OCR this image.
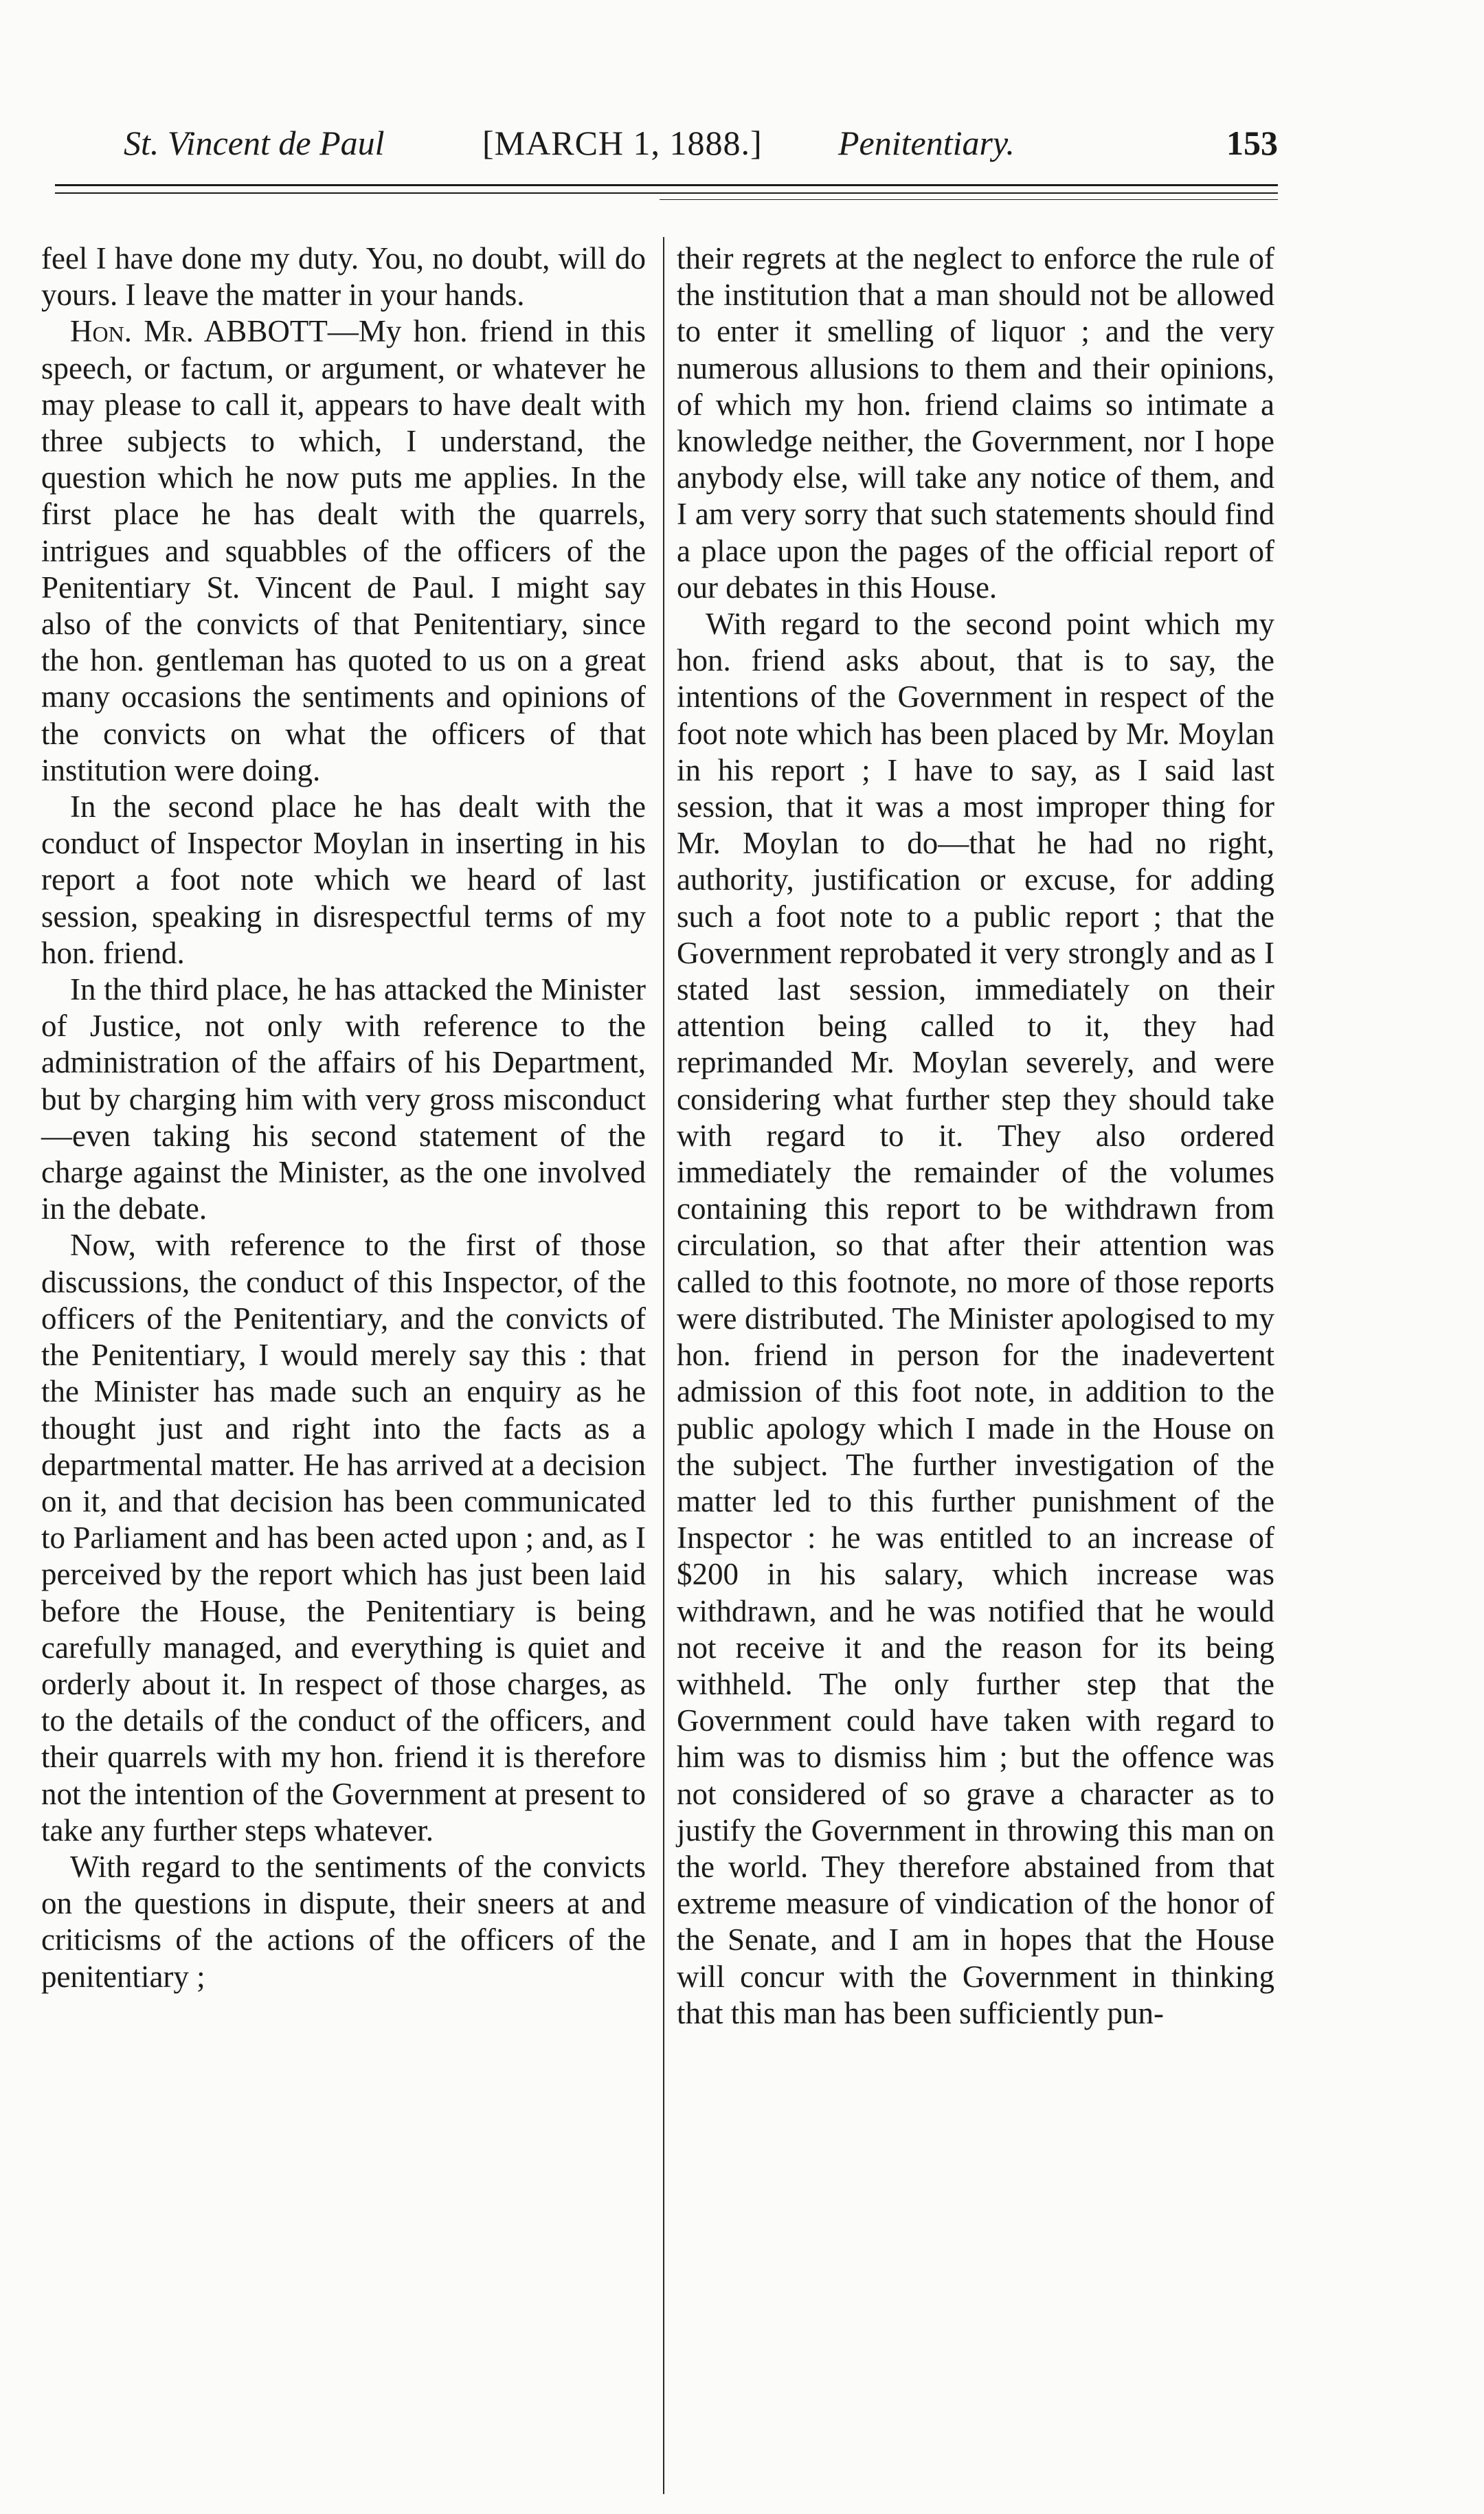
St. Vincent de Paul	[MARCH 1, 1888.] Penitentiary.	153

feel I have done my duty. You, no doubt, will do yours. I leave the matter in your hands.

Hon. Mr. ABBOTT—My hon. friend in this speech, or factum, or argument, or whatever he may please to call it, appears to have dealt with three subjects to which, I understand, the question which he now puts me applies. In the first place he has dealt with the quarrels, intrigues and squabbles of the officers of the Penitentiary St. Vincent de Paul. I might say also of the convicts of that Penitentiary, since the hon. gentleman has quoted to us on a great many occasions the sentiments and opinions of the convicts on what the officers of that institution were doing.

In the second place he has dealt with the conduct of Inspector Moylan in inserting in his report a foot note which we heard of last session, speaking in disrespectful terms of my hon. friend.

In the third place, he has attacked the Minister of Justice, not only with reference to the administration of the affairs of his Department, but by charging him with very gross misconduct—even taking his second statement of the charge against the Minister, as the one involved in the debate.

Now, with reference to the first of those discussions, the conduct of this Inspector, of the officers of the Penitentiary, and the convicts of the Penitentiary, I would merely say this : that the Minister has made such an enquiry as he thought just and right into the facts as a departmental matter. He has arrived at a decision on it, and that decision has been communicated to Parliament and has been acted upon ; and, as I perceived by the report which has just been laid before the House, the Penitentiary is being carefully managed, and everything is quiet and orderly about it. In respect of those charges, as to the details of the conduct of the officers, and their quarrels with my hon. friend it is therefore not the intention of the Government at present to take any further steps whatever.

With regard to the sentiments of the convicts on the questions in dispute, their sneers at and criticisms of the actions of the officers of the penitentiary ;

their regrets at the neglect to enforce the rule of the institution that a man should not be allowed to enter it smelling of liquor ; and the very numerous allusions to them and their opinions, of which my hon. friend claims so intimate a knowledge neither, the Government, nor I hope anybody else, will take any notice of them, and I am very sorry that such statements should find a place upon the pages of the official report of our debates in this House.

With regard to the second point which my hon. friend asks about, that is to say, the intentions of the Government in respect of the foot note which has been placed by Mr. Moylan in his report ; I have to say, as I said last session, that it was a most improper thing for Mr. Moylan to do—that he had no right, authority, justification or excuse, for adding such a foot note to a public report ; that the Government reprobated it very strongly and as I stated last session, immediately on their attention being called to it, they had reprimanded Mr. Moylan severely, and were considering what further step they should take with regard to it. They also ordered immediately the remainder of the volumes containing this report to be withdrawn from circulation, so that after their attention was called to this footnote, no more of those reports were distributed. The Minister apologised to my hon. friend in person for the inadevertent admission of this foot note, in addition to the public apology which I made in the House on the subject. The further investigation of the matter led to this further punishment of the Inspector : he was entitled to an increase of $200 in his salary, which increase was withdrawn, and he was notified that he would not receive it and the reason for its being withheld. The only further step that the Government could have taken with regard to him was to dismiss him ; but the offence was not considered of so grave a character as to justify the Government in throwing this man on the world. They therefore abstained from that extreme measure of vindication of the honor of the Senate, and I am in hopes that the House will concur with the Government in thinking that this man has been sufficiently pun-
